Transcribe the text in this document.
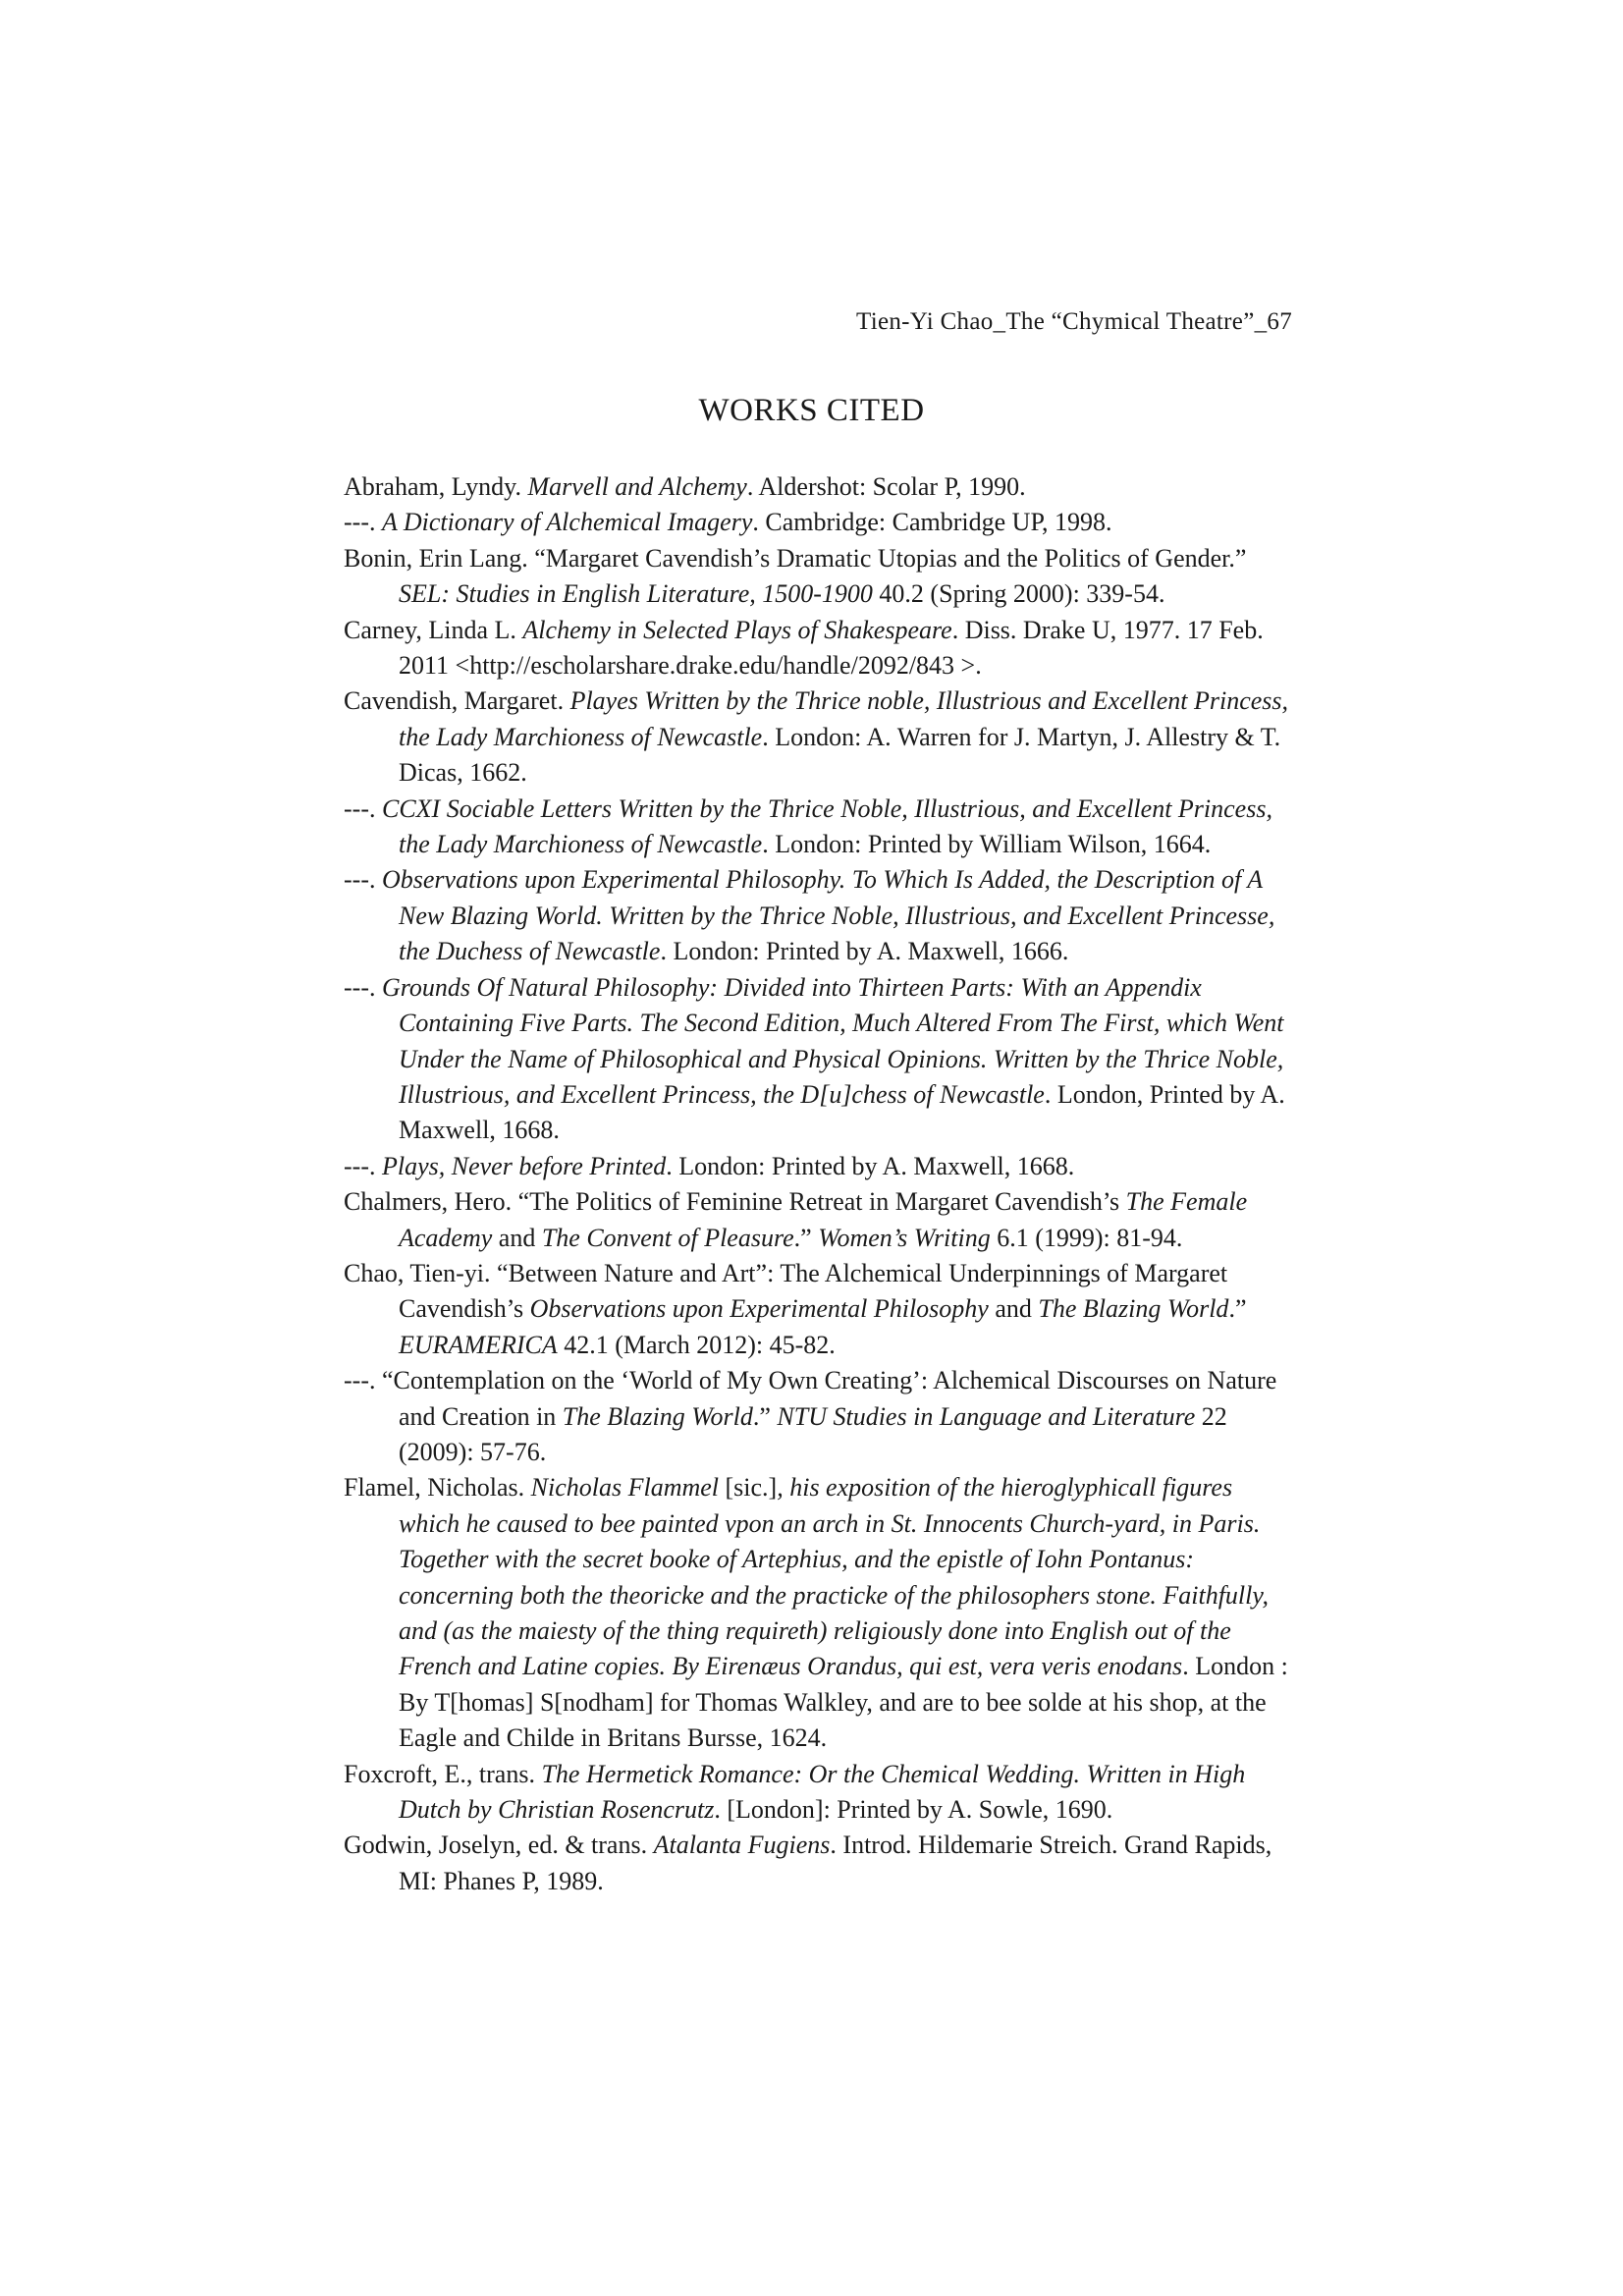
Tien-Yi Chao_The “Chymical Theatre”_67
WORKS CITED

Abraham, Lyndy. Marvell and Alchemy. Aldershot: Scolar P, 1990.

---. A Dictionary of Alchemical Imagery. Cambridge: Cambridge UP, 1998.

Bonin, Erin Lang. “Margaret Cavendish’s Dramatic Utopias and the Politics of Gender.” SEL: Studies in English Literature, 1500-1900 40.2 (Spring 2000): 339-54.

Carney, Linda L. Alchemy in Selected Plays of Shakespeare. Diss. Drake U, 1977. 17 Feb. 2011 <http://escholarshare.drake.edu/handle/2092/843 >.

Cavendish, Margaret. Playes Written by the Thrice noble, Illustrious and Excellent Princess, the Lady Marchioness of Newcastle. London: A. Warren for J. Martyn, J. Allestry & T. Dicas, 1662.

---. CCXI Sociable Letters Written by the Thrice Noble, Illustrious, and Excellent Princess, the Lady Marchioness of Newcastle. London: Printed by William Wilson, 1664.

---. Observations upon Experimental Philosophy. To Which Is Added, the Description of A New Blazing World. Written by the Thrice Noble, Illustrious, and Excellent Princesse, the Duchess of Newcastle. London: Printed by A. Maxwell, 1666.

---. Grounds Of Natural Philosophy: Divided into Thirteen Parts: With an Appendix Containing Five Parts. The Second Edition, Much Altered From The First, which Went Under the Name of Philosophical and Physical Opinions. Written by the Thrice Noble, Illustrious, and Excellent Princess, the D[u]chess of Newcastle. London, Printed by A. Maxwell, 1668.

---. Plays, Never before Printed. London: Printed by A. Maxwell, 1668.

Chalmers, Hero. “The Politics of Feminine Retreat in Margaret Cavendish’s The Female Academy and The Convent of Pleasure.” Women’s Writing 6.1 (1999): 81-94.

Chao, Tien-yi. “Between Nature and Art”: The Alchemical Underpinnings of Margaret Cavendish’s Observations upon Experimental Philosophy and The Blazing World.” EURAMERICA 42.1 (March 2012): 45-82.

---. “Contemplation on the ‘World of My Own Creating’: Alchemical Discourses on Nature and Creation in The Blazing World.” NTU Studies in Language and Literature 22 (2009): 57-76.

Flamel, Nicholas. Nicholas Flammel [sic.], his exposition of the hieroglyphicall figures which he caused to bee painted vpon an arch in St. Innocents Church-yard, in Paris. Together with the secret booke of Artephius, and the epistle of Iohn Pontanus: concerning both the theoricke and the practicke of the philosophers stone. Faithfully, and (as the maiesty of the thing requireth) religiously done into English out of the French and Latine copies. By Eirenæus Orandus, qui est, vera veris enodans. London : By T[homas] S[nodham] for Thomas Walkley, and are to bee solde at his shop, at the Eagle and Childe in Britans Bursse, 1624.

Foxcroft, E., trans. The Hermetick Romance: Or the Chemical Wedding. Written in High Dutch by Christian Rosencrutz. [London]: Printed by A. Sowle, 1690.

Godwin, Joselyn, ed. & trans. Atalanta Fugiens. Introd. Hildemarie Streich. Grand Rapids, MI: Phanes P, 1989.
